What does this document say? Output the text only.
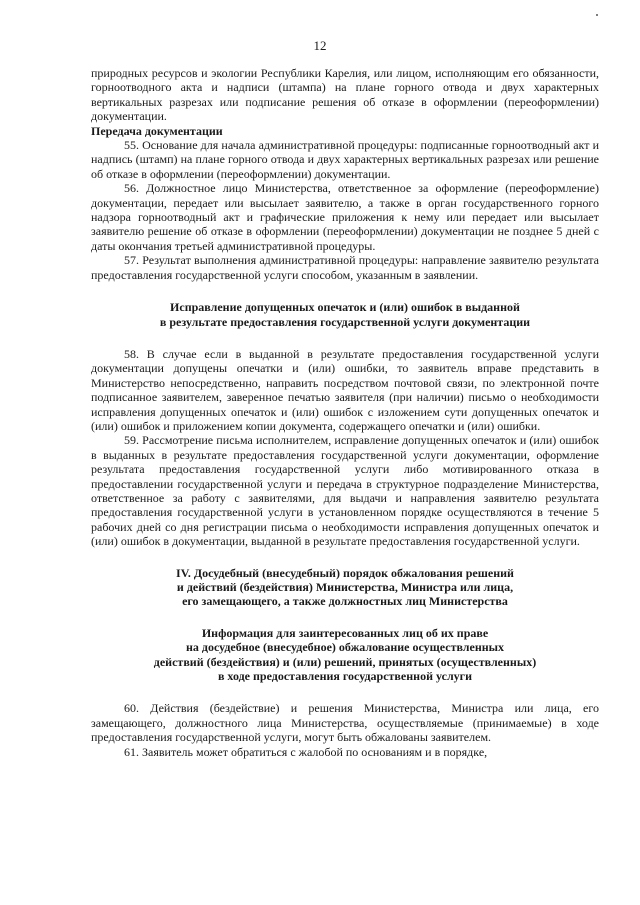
12

природных ресурсов и экологии Республики Карелия, или лицом, исполняющим его обязанности, горноотводного акта и надписи (штампа) на плане горного отвода и двух характерных вертикальных разрезах или подписание решения об отказе в оформлении (переоформлении) документации.

Передача документации

55. Основание для начала административной процедуры: подписанные горноотводный акт и надпись (штамп) на плане горного отвода и двух характерных вертикальных разрезах или решение об отказе в оформлении (переоформлении) документации.

56. Должностное лицо Министерства, ответственное за оформление (переоформление) документации, передает или высылает заявителю, а также в орган государственного горного надзора горноотводный акт и графические приложения к нему или передает или высылает заявителю решение об отказе в оформлении (переоформлении) документации не позднее 5 дней с даты окончания третьей административной процедуры.

57. Результат выполнения административной процедуры: направление заявителю результата предоставления государственной услуги способом, указанным в заявлении.

Исправление допущенных опечаток и (или) ошибок в выданной
в результате предоставления государственной услуги документации

58. В случае если в выданной в результате предоставления государственной услуги документации допущены опечатки и (или) ошибки, то заявитель вправе представить в Министерство непосредственно, направить посредством почтовой связи, по электронной почте подписанное заявителем, заверенное печатью заявителя (при наличии) письмо о необходимости исправления допущенных опечаток и (или) ошибок с изложением сути допущенных опечаток и (или) ошибок и приложением копии документа, содержащего опечатки и (или) ошибки.

59. Рассмотрение письма исполнителем, исправление допущенных опечаток и (или) ошибок в выданных в результате предоставления государственной услуги документации, оформление результата предоставления государственной услуги либо мотивированного отказа в предоставлении государственной услуги и передача в структурное подразделение Министерства, ответственное за работу с заявителями, для выдачи и направления заявителю результата предоставления государственной услуги в установленном порядке осуществляются в течение 5 рабочих дней со дня регистрации письма о необходимости исправления допущенных опечаток и (или) ошибок в документации, выданной в результате предоставления государственной услуги.

IV. Досудебный (внесудебный) порядок обжалования решений
и действий (бездействия) Министерства, Министра или лица,
его замещающего, а также должностных лиц Министерства
Информация для заинтересованных лиц об их праве
на досудебное (внесудебное) обжалование осуществленных
действий (бездействия) и (или) решений, принятых (осуществленных)
в ходе предоставления государственной услуги

60. Действия (бездействие) и решения Министерства, Министра или лица, его замещающего, должностного лица Министерства, осуществляемые (принимаемые) в ходе предоставления государственной услуги, могут быть обжалованы заявителем.

61. Заявитель может обратиться с жалобой по основаниям и в порядке,
